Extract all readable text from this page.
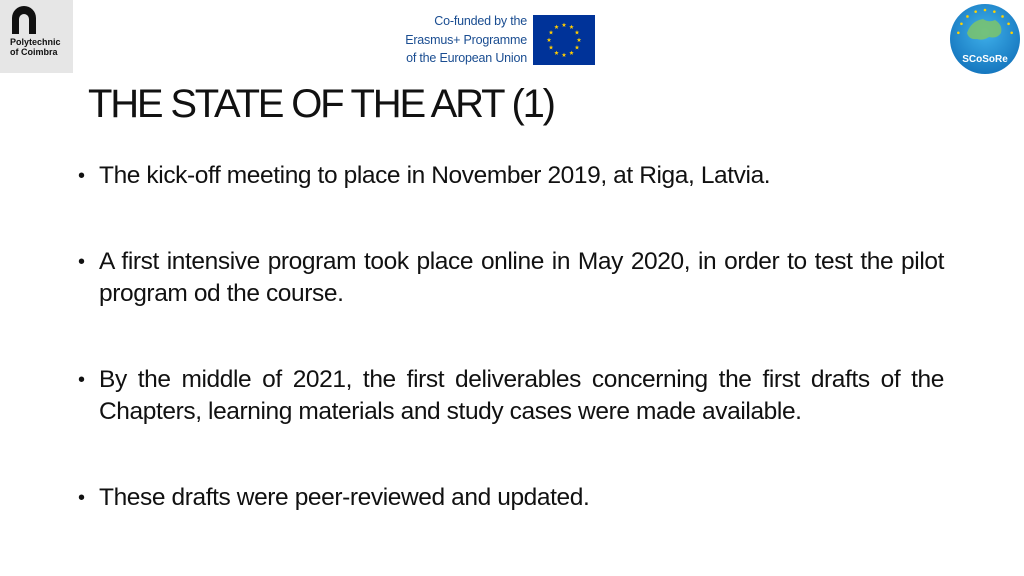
Polytechnic
of Coimbra
Co-funded by the
Erasmus+ Programme
of the European Union	SCoSoRe
THE STATE OF THE ART (1)
• The kick-off meeting to place in November 2019, at Riga, Latvia.
• A first intensive program took place online in May 2020, in order to test the pilot program od the course.
• By the middle of 2021, the first deliverables concerning the first drafts of the Chapters, learning materials and study cases were made available.
• These drafts were peer-reviewed and updated.
